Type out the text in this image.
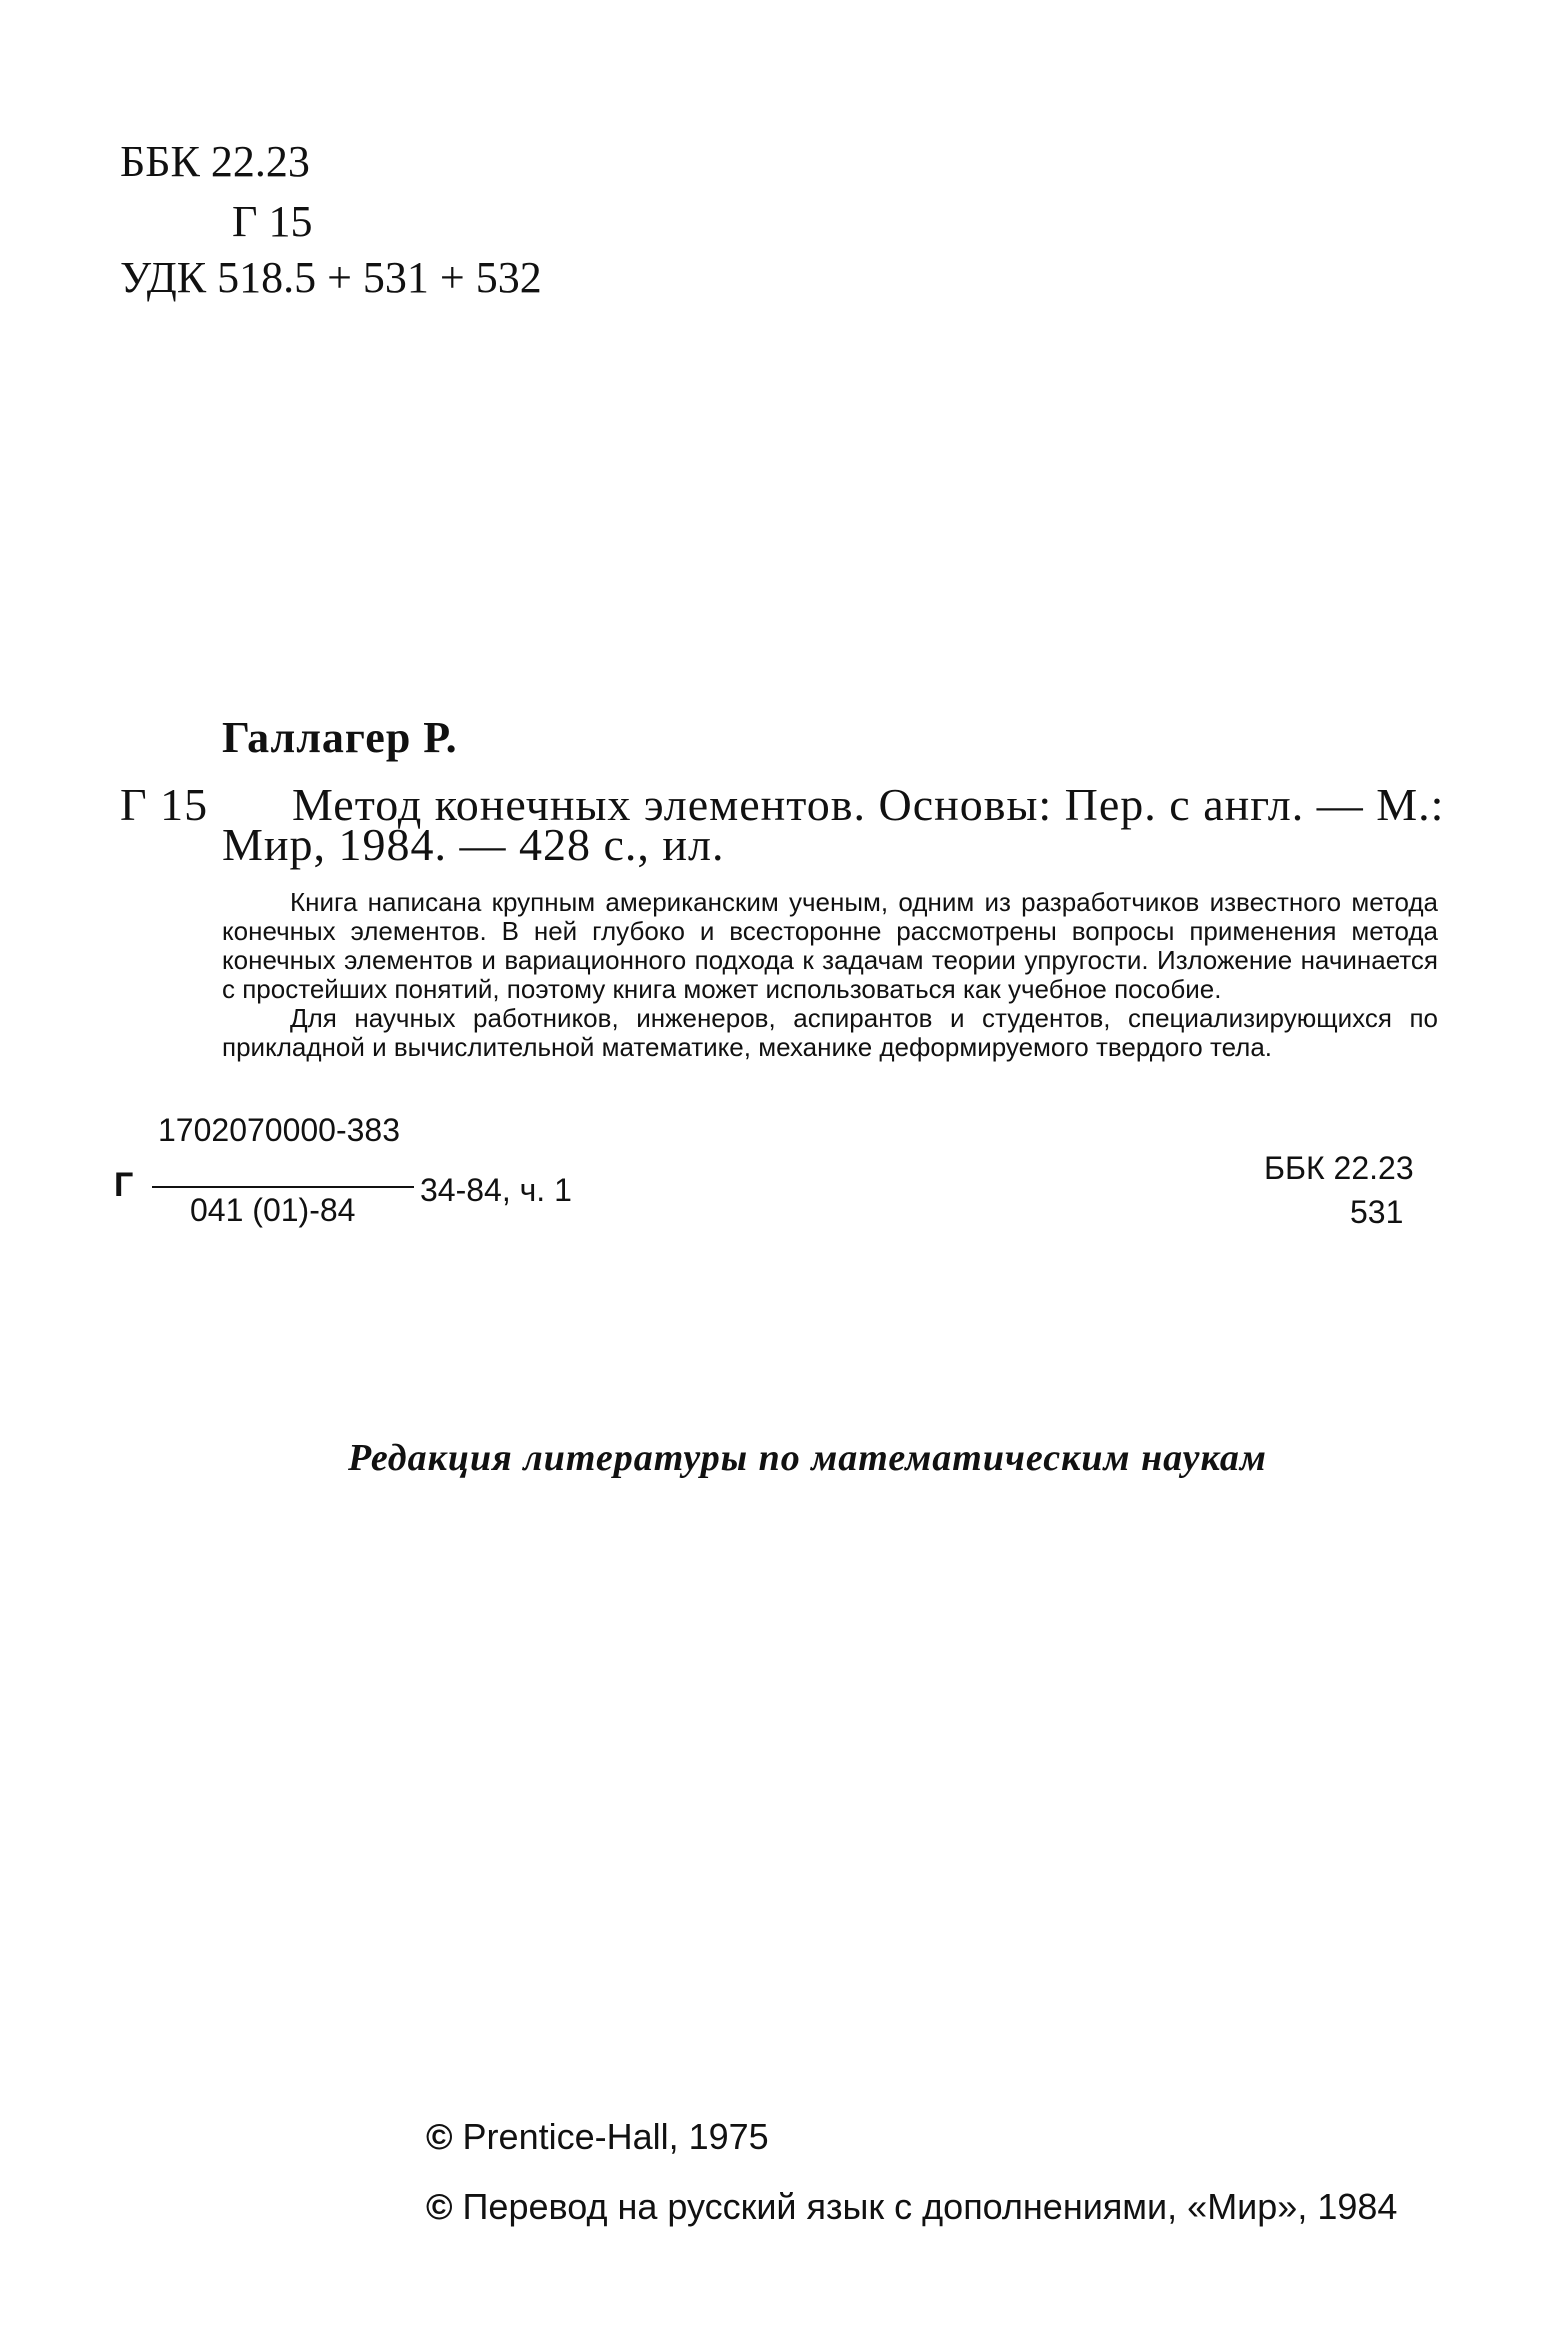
ББК 22.23
Г 15
УДК 518.5 + 531 + 532
Галлагер Р.
Г 15 Метод конечных элементов. Основы: Пер. с англ. — М.:
Мир, 1984. — 428 с., ил.

Книга написана крупным американским ученым, одним из разработчиков известного метода конечных элементов. В ней глубоко и всесторонне рассмотрены вопросы применения метода конечных элементов и вариационного подхода к задачам теории упругости. Изложение начинается с простейших понятий, поэтому книга может использоваться как учебное пособие.

Для научных работников, инженеров, аспирантов и студентов, специализирующихся по прикладной и вычислительной математике, механике деформируемого твердого тела.

Г
1702070000-383
041 (01)-84
34-84, ч. 1
ББК 22.23
531
Редакция литературы по математическим наукам
© Prentice-Hall, 1975
© Перевод на русский язык с дополнениями, «Мир», 1984
